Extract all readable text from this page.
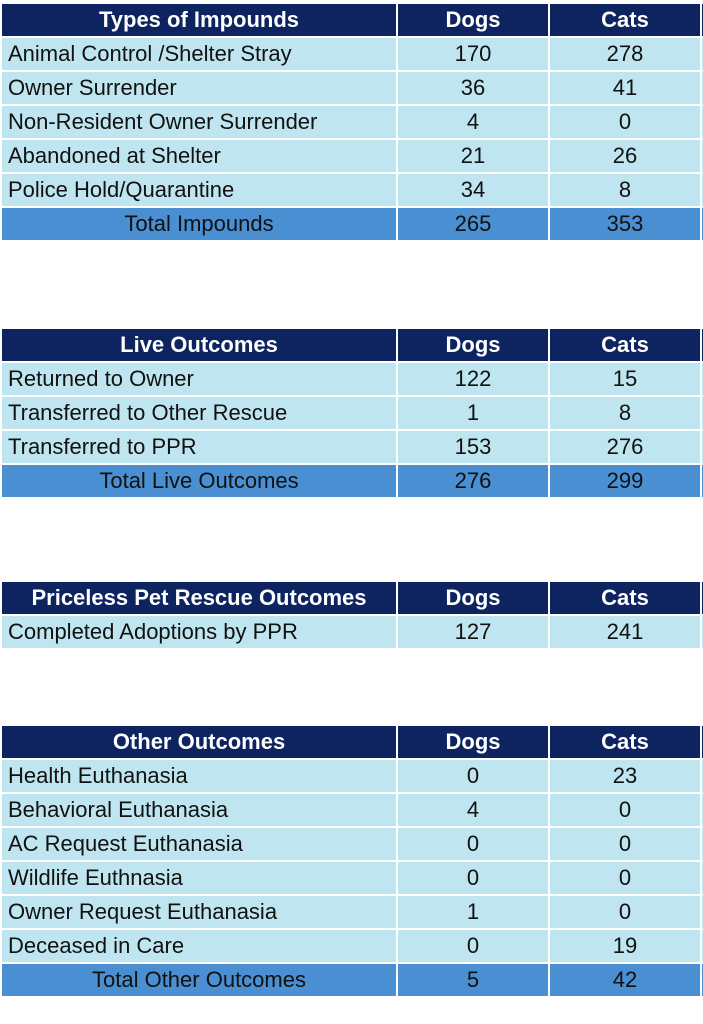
Types of Impounds	Dogs	Cats	
Animal Control /Shelter Stray	170	278	
Owner Surrender	36	41	
Non-Resident Owner Surrender	4	0	
Abandoned at Shelter	21	26	
Police Hold/Quarantine	34	8	
Total Impounds	265	353	
Live Outcomes	Dogs	Cats	
Returned to Owner	122	15	
Transferred to Other Rescue	1	8	
Transferred to PPR	153	276	
Total Live Outcomes	276	299	
Priceless Pet Rescue Outcomes	Dogs	Cats	
Completed Adoptions by PPR	127	241	
Other Outcomes	Dogs	Cats	
Health Euthanasia	0	23	
Behavioral Euthanasia	4	0	
AC Request Euthanasia	0	0	
Wildlife Euthnasia	0	0	
Owner Request Euthanasia	1	0	
Deceased in Care	0	19	
Total Other Outcomes	5	42	
